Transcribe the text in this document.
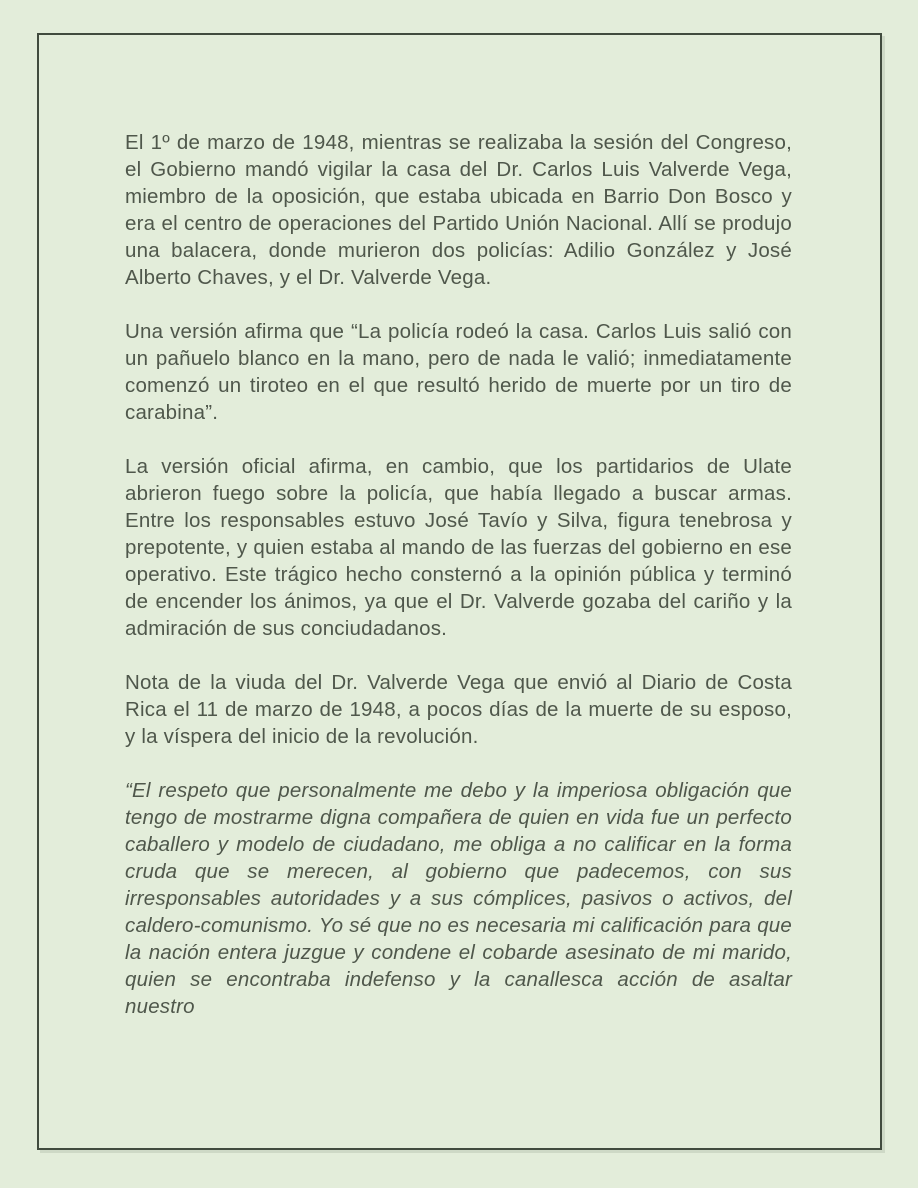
El 1º de marzo de 1948, mientras se realizaba la sesión del Congreso, el Gobierno mandó vigilar la casa del Dr. Carlos Luis Valverde Vega, miembro de la oposición, que estaba ubicada en Barrio Don Bosco y era el centro de operaciones del Partido Unión Nacional. Allí se produjo una balacera, donde murieron dos policías: Adilio González y José Alberto Chaves, y el Dr. Valverde Vega.

Una versión afirma que “La policía rodeó la casa. Carlos Luis salió con un pañuelo blanco en la mano, pero de nada le valió; inmediatamente comenzó un tiroteo en el que resultó herido de muerte por un tiro de carabina”.

La versión oficial afirma, en cambio, que los partidarios de Ulate abrieron fuego sobre la policía, que había llegado a buscar armas. Entre los responsables estuvo José Tavío y Silva, figura tenebrosa y prepotente, y quien estaba al mando de las fuerzas del gobierno en ese operativo. Este trágico hecho consternó a la opinión pública y terminó de encender los ánimos, ya que el Dr. Valverde gozaba del cariño y la admiración de sus conciudadanos.

Nota de la viuda del Dr. Valverde Vega que envió al Diario de Costa Rica el 11 de marzo de 1948, a pocos días de la muerte de su esposo, y la víspera del inicio de la revolución.

“El respeto que personalmente me debo y la imperiosa obligación que tengo de mostrarme digna compañera de quien en vida fue un perfecto caballero y modelo de ciudadano, me obliga a no calificar en la forma cruda que se merecen, al gobierno que padecemos, con sus irresponsables autoridades y a sus cómplices, pasivos o activos, del caldero-comunismo. Yo sé que no es necesaria mi calificación para que la nación entera juzgue y condene el cobarde asesinato de mi marido, quien se encontraba indefenso y la canallesca acción de asaltar nuestro
